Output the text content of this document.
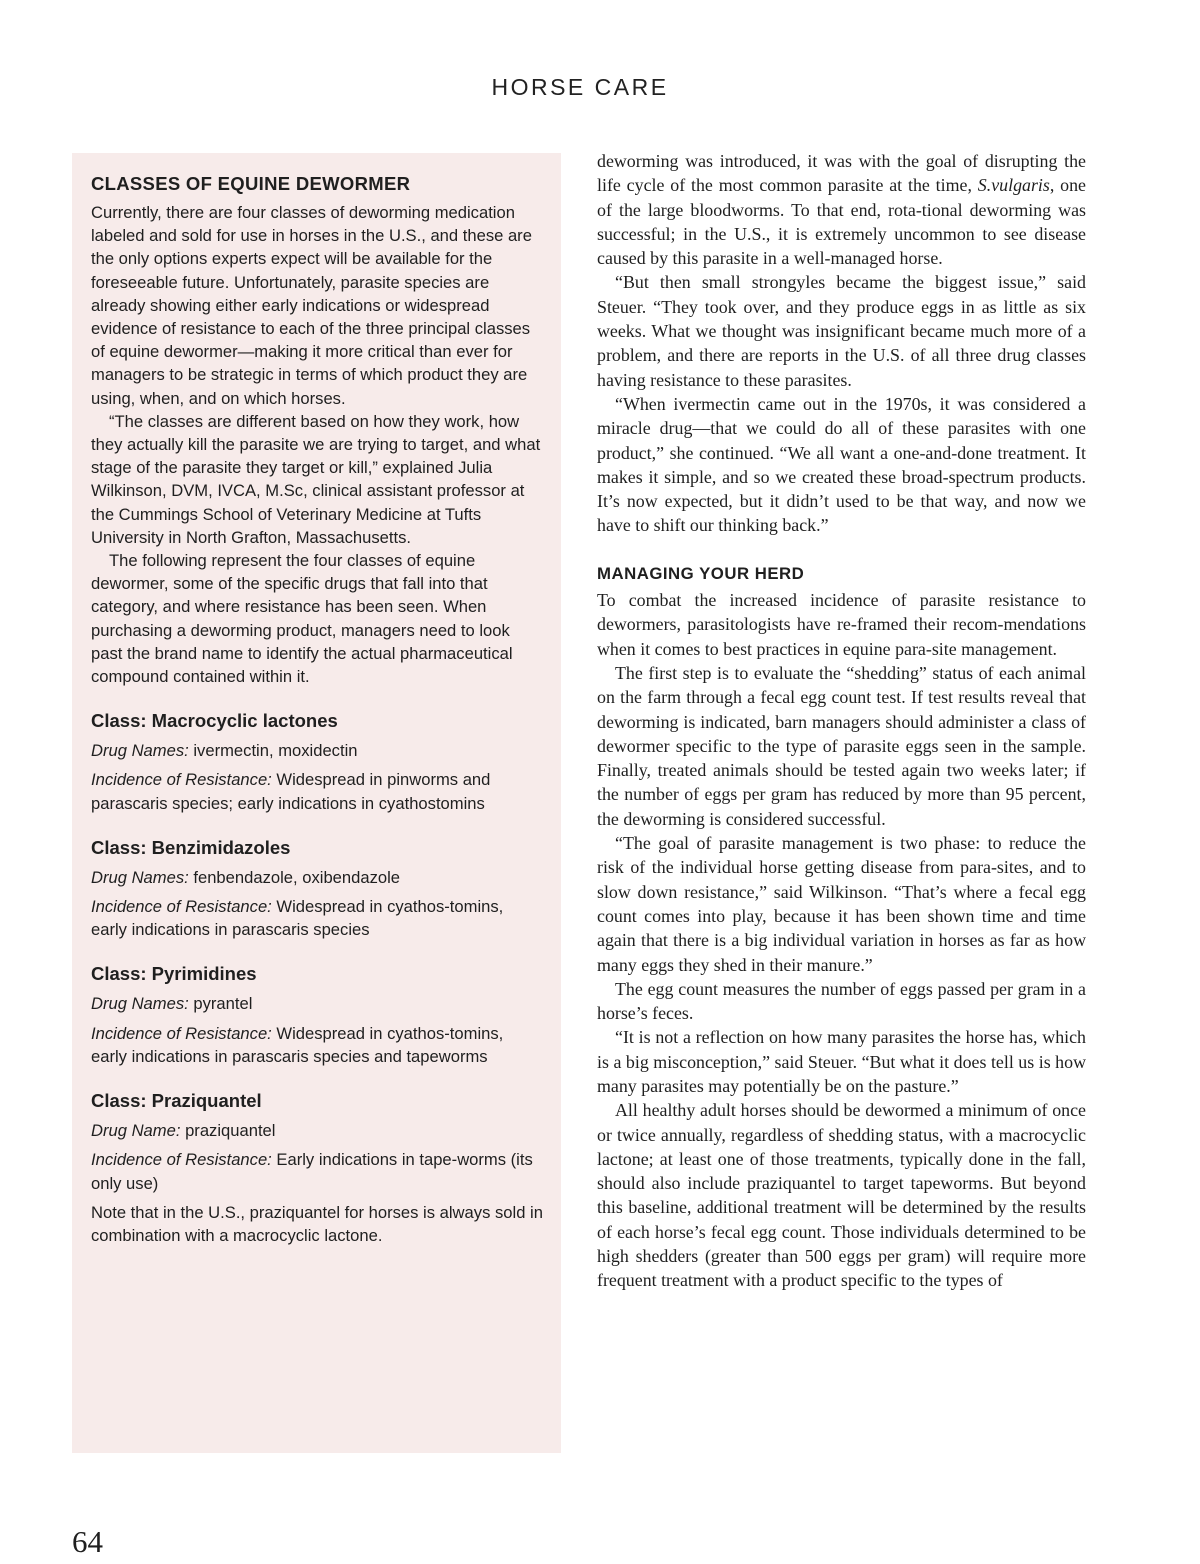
HORSE CARE
CLASSES OF EQUINE DEWORMER

Currently, there are four classes of deworming medication labeled and sold for use in horses in the U.S., and these are the only options experts expect will be available for the foreseeable future. Unfortunately, parasite species are already showing either early indications or widespread evidence of resistance to each of the three principal classes of equine dewormer—making it more critical than ever for managers to be strategic in terms of which product they are using, when, and on which horses.

“The classes are different based on how they work, how they actually kill the parasite we are trying to target, and what stage of the parasite they target or kill,” explained Julia Wilkinson, DVM, IVCA, M.Sc, clinical assistant professor at the Cummings School of Veterinary Medicine at Tufts University in North Grafton, Massachusetts.

The following represent the four classes of equine dewormer, some of the specific drugs that fall into that category, and where resistance has been seen. When purchasing a deworming product, managers need to look past the brand name to identify the actual pharmaceutical compound contained within it.

Class: Macrocyclic lactones

Drug Names: ivermectin, moxidectin

Incidence of Resistance: Widespread in pinworms and parascaris species; early indications in cyathostomins

Class: Benzimidazoles

Drug Names: fenbendazole, oxibendazole

Incidence of Resistance: Widespread in cyathos-tomins, early indications in parascaris species

Class: Pyrimidines

Drug Names: pyrantel

Incidence of Resistance: Widespread in cyathos-tomins, early indications in parascaris species and tapeworms

Class: Praziquantel

Drug Name: praziquantel

Incidence of Resistance: Early indications in tape-worms (its only use)

Note that in the U.S., praziquantel for horses is always sold in combination with a macrocyclic lactone.

deworming was introduced, it was with the goal of disrupting the life cycle of the most common parasite at the time, S.vulgaris, one of the large bloodworms. To that end, rota-tional deworming was successful; in the U.S., it is extremely uncommon to see disease caused by this parasite in a well-managed horse.

“But then small strongyles became the biggest issue,” said Steuer. “They took over, and they produce eggs in as little as six weeks. What we thought was insignificant became much more of a problem, and there are reports in the U.S. of all three drug classes having resistance to these parasites.

“When ivermectin came out in the 1970s, it was considered a miracle drug—that we could do all of these parasites with one product,” she continued. “We all want a one-and-done treatment. It makes it simple, and so we created these broad-spectrum products. It’s now expected, but it didn’t used to be that way, and now we have to shift our thinking back.”

MANAGING YOUR HERD

To combat the increased incidence of parasite resistance to dewormers, parasitologists have re-framed their recom-mendations when it comes to best practices in equine para-site management.

The first step is to evaluate the “shedding” status of each animal on the farm through a fecal egg count test. If test results reveal that deworming is indicated, barn managers should administer a class of dewormer specific to the type of parasite eggs seen in the sample. Finally, treated animals should be tested again two weeks later; if the number of eggs per gram has reduced by more than 95 percent, the deworming is considered successful.

“The goal of parasite management is two phase: to reduce the risk of the individual horse getting disease from para-sites, and to slow down resistance,” said Wilkinson. “That’s where a fecal egg count comes into play, because it has been shown time and time again that there is a big individual variation in horses as far as how many eggs they shed in their manure.”

The egg count measures the number of eggs passed per gram in a horse’s feces.

“It is not a reflection on how many parasites the horse has, which is a big misconception,” said Steuer. “But what it does tell us is how many parasites may potentially be on the pasture.”

All healthy adult horses should be dewormed a minimum of once or twice annually, regardless of shedding status, with a macrocyclic lactone; at least one of those treatments, typically done in the fall, should also include praziquantel to target tapeworms. But beyond this baseline, additional treatment will be determined by the results of each horse’s fecal egg count. Those individuals determined to be high shedders (greater than 500 eggs per gram) will require more frequent treatment with a product specific to the types of

64
